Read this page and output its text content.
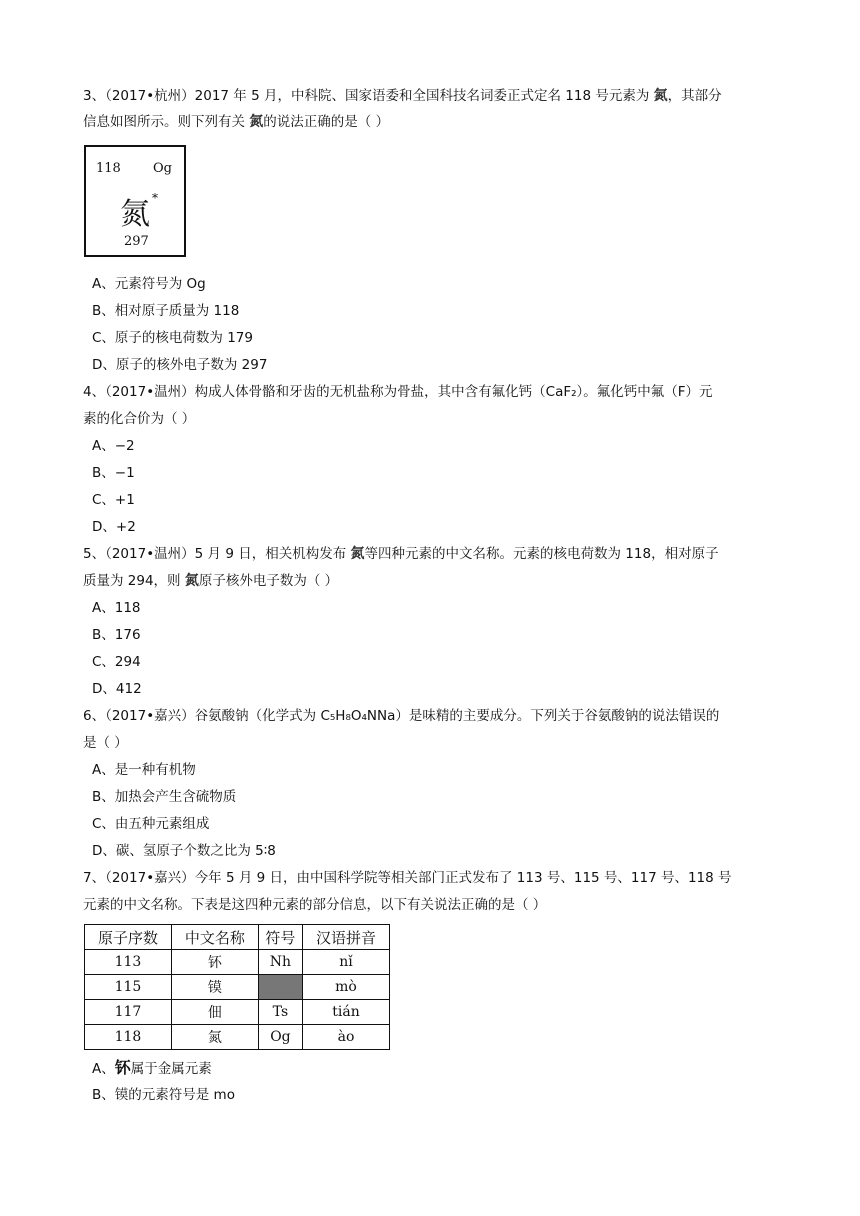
3、（2017•杭州）2017 年 5 月，中科院、国家语委和全国科技名词委正式定名 118 号元素为 氮，其部分
信息如图所示。则下列有关 氮的说法正确的是（ ）
118 Og
氮 *
297
A、元素符号为 Og
B、相对原子质量为 118
C、原子的核电荷数为 179
D、原子的核外电子数为 297
4、（2017•温州）构成人体骨骼和牙齿的无机盐称为骨盐，其中含有氟化钙（CaF₂）。氟化钙中氟（F）元
素的化合价为（ ）
A、−2
B、−1
C、+1
D、+2
5、（2017•温州）5 月 9 日，相关机构发布 氮等四种元素的中文名称。元素的核电荷数为 118，相对原子
质量为 294，则 氮原子核外电子数为（ ）
A、118
B、176
C、294
D、412
6、（2017•嘉兴）谷氨酸钠（化学式为 C₅H₈O₄NNa）是味精的主要成分。下列关于谷氨酸钠的说法错误的
是（ ）
A、是一种有机物
B、加热会产生含硫物质
C、由五种元素组成
D、碳、氢原子个数之比为 5∶8
7、（2017•嘉兴）今年 5 月 9 日，由中国科学院等相关部门正式发布了 113 号、115 号、117 号、118 号
元素的中文名称。下表是这四种元素的部分信息，以下有关说法正确的是（ ）
原子序数	中文名称	符号	汉语拼音
113	钚	Nh	nǐ
115	镆		mò
117	佃	Ts	tián
118	氮	Og	ào
A、钚属于金属元素
B、镆的元素符号是 mo
